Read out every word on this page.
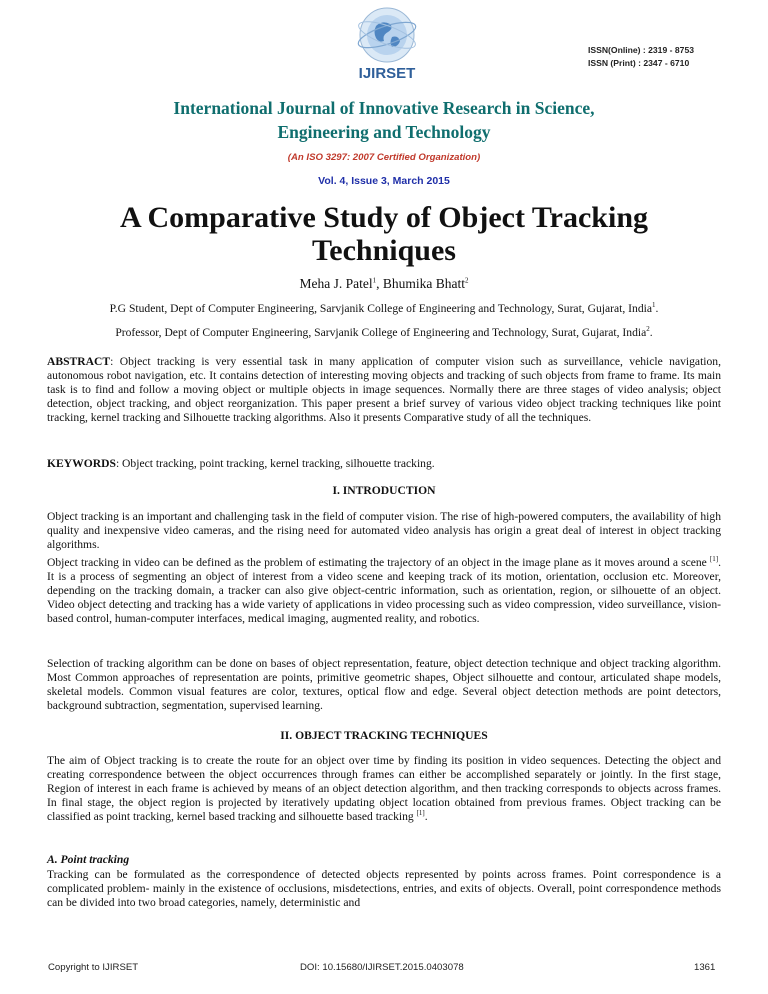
IJIRSET
ISSN(Online) : 2319 - 8753
ISSN (Print) : 2347 - 6710
International Journal of Innovative Research in Science,
Engineering and Technology
(An ISO 3297: 2007 Certified Organization)
Vol. 4, Issue 3, March 2015
A Comparative Study of Object Tracking Techniques
Meha J. Patel$^1$, Bhumika Bhatt$^2$
P.G Student, Dept of Computer Engineering, Sarvjanik College of Engineering and Technology, Surat, Gujarat, India$^1$.
Professor, Dept of Computer Engineering, Sarvjanik College of Engineering and Technology, Surat, Gujarat, India$^2$.
ABSTRACT: Object tracking is very essential task in many application of computer vision such as surveillance, vehicle navigation, autonomous robot navigation, etc. It contains detection of interesting moving objects and tracking of such objects from frame to frame. Its main task is to find and follow a moving object or multiple objects in image sequences. Normally there are three stages of video analysis; object detection, object tracking, and object reorganization. This paper present a brief survey of various video object tracking techniques like point tracking, kernel tracking and Silhouette tracking algorithms. Also it presents Comparative study of all the techniques.
KEYWORDS: Object tracking, point tracking, kernel tracking, silhouette tracking.
I. INTRODUCTION
Object tracking is an important and challenging task in the field of computer vision. The rise of high-powered computers, the availability of high quality and inexpensive video cameras, and the rising need for automated video analysis has origin a great deal of interest in object tracking algorithms.
Object tracking in video can be defined as the problem of estimating the trajectory of an object in the image plane as it moves around a scene [1]. It is a process of segmenting an object of interest from a video scene and keeping track of its motion, orientation, occlusion etc. Moreover, depending on the tracking domain, a tracker can also give object-centric information, such as orientation, region, or silhouette of an object. Video object detecting and tracking has a wide variety of applications in video processing such as video compression, video surveillance, vision-based control, human-computer interfaces, medical imaging, augmented reality, and robotics.
Selection of tracking algorithm can be done on bases of object representation, feature, object detection technique and object tracking algorithm. Most Common approaches of representation are points, primitive geometric shapes, Object silhouette and contour, articulated shape models, skeletal models. Common visual features are color, textures, optical flow and edge. Several object detection methods are point detectors, background subtraction, segmentation, supervised learning.
II. OBJECT TRACKING TECHNIQUES
The aim of Object tracking is to create the route for an object over time by finding its position in video sequences. Detecting the object and creating correspondence between the object occurrences through frames can either be accomplished separately or jointly. In the first stage, Region of interest in each frame is achieved by means of an object detection algorithm, and then tracking corresponds to objects across frames. In final stage, the object region is projected by iteratively updating object location obtained from previous frames. Object tracking can be classified as point tracking, kernel based tracking and silhouette based tracking [1].
A. Point tracking
Tracking can be formulated as the correspondence of detected objects represented by points across frames. Point correspondence is a complicated problem- mainly in the existence of occlusions, misdetections, entries, and exits of objects. Overall, point correspondence methods can be divided into two broad categories, namely, deterministic and
Copyright to IJIRSET	DOI: 10.15680/IJIRSET.2015.0403078	1361
